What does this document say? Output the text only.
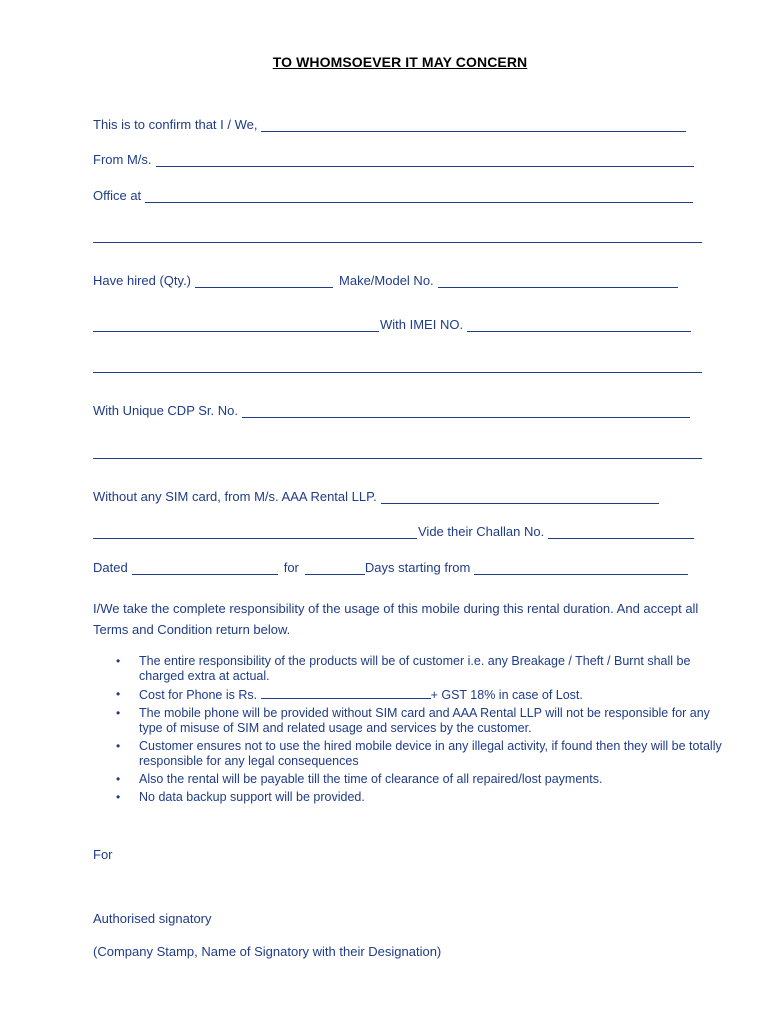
TO WHOMSOEVER IT MAY CONCERN
This is to confirm that I / We,
From M/s.
Office at
Have hired (Qty.)	Make/Model No.
With IMEI NO.
With Unique CDP Sr. No.
Without any SIM card, from M/s. AAA Rental LLP.
Vide their Challan No.
Dated	for	Days starting from
I/We take the complete responsibility of the usage of this mobile during this rental duration. And accept all Terms and Condition return below.
• The entire responsibility of the products will be of customer i.e. any Breakage / Theft / Burnt shall be charged extra at actual.
• Cost for Phone is Rs.	+ GST 18% in case of Lost.
• The mobile phone will be provided without SIM card and AAA Rental LLP will not be responsible for any type of misuse of SIM and related usage and services by the customer.
• Customer ensures not to use the hired mobile device in any illegal activity, if found then they will be totally responsible for any legal consequences
• Also the rental will be payable till the time of clearance of all repaired/lost payments.
• No data backup support will be provided.
For
Authorised signatory
(Company Stamp, Name of Signatory with their Designation)
